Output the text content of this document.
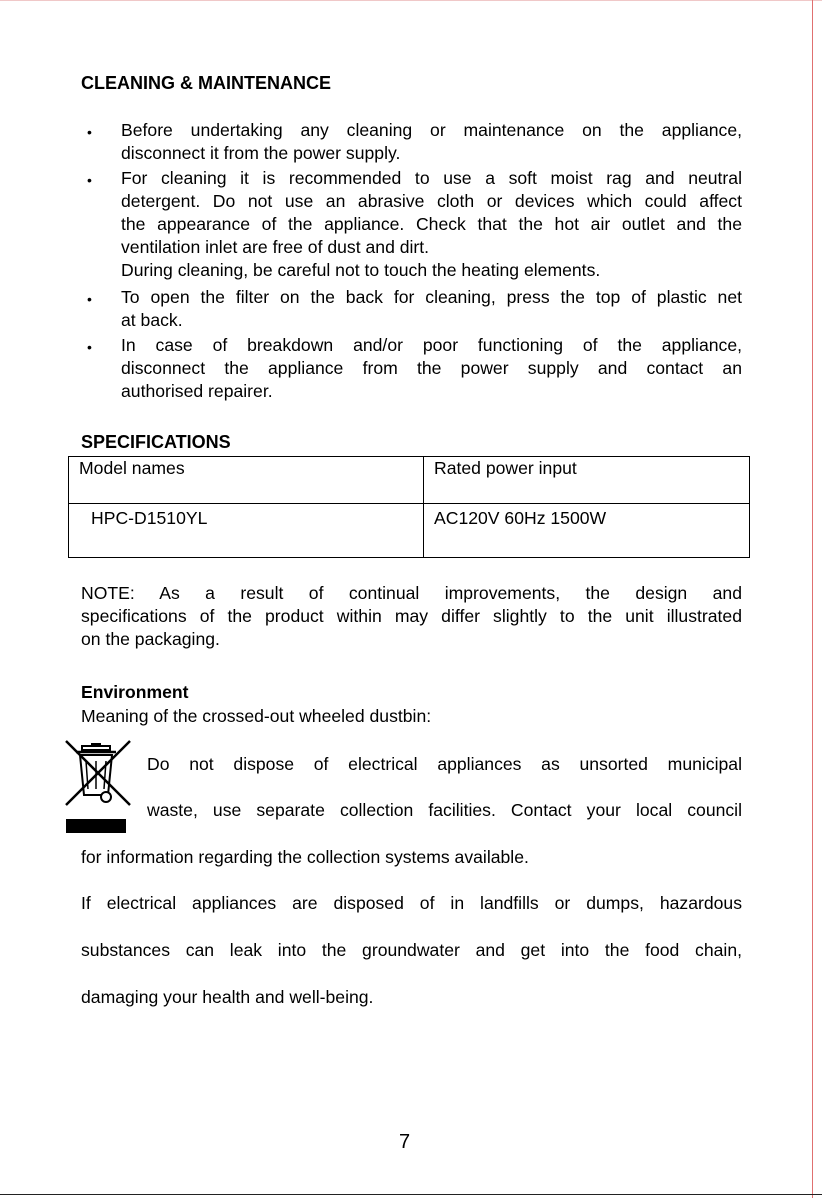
CLEANING & MAINTENANCE
• Before undertaking any cleaning or maintenance on the appliance,
disconnect it from the power supply.
• For cleaning it is recommended to use a soft moist rag and neutral
detergent. Do not use an abrasive cloth or devices which could affect
the appearance of the appliance. Check that the hot air outlet and the
ventilation inlet are free of dust and dirt.
During cleaning, be careful not to touch the heating elements.
• To open the filter on the back for cleaning, press the top of plastic net
at back.
• In case of breakdown and/or poor functioning of the appliance,
disconnect the appliance from the power supply and contact an
authorised repairer.
SPECIFICATIONS
Model names	Rated power input
HPC-D1510YL	AC120V 60Hz 1500W
NOTE: As a result of continual improvements, the design and
specifications of the product within may differ slightly to the unit illustrated
on the packaging.
Environment
Meaning of the crossed-out wheeled dustbin:
Do not dispose of electrical appliances as unsorted municipal
waste, use separate collection facilities. Contact your local council
for information regarding the collection systems available.
If electrical appliances are disposed of in landfills or dumps, hazardous
substances can leak into the groundwater and get into the food chain,
damaging your health and well-being.
7
